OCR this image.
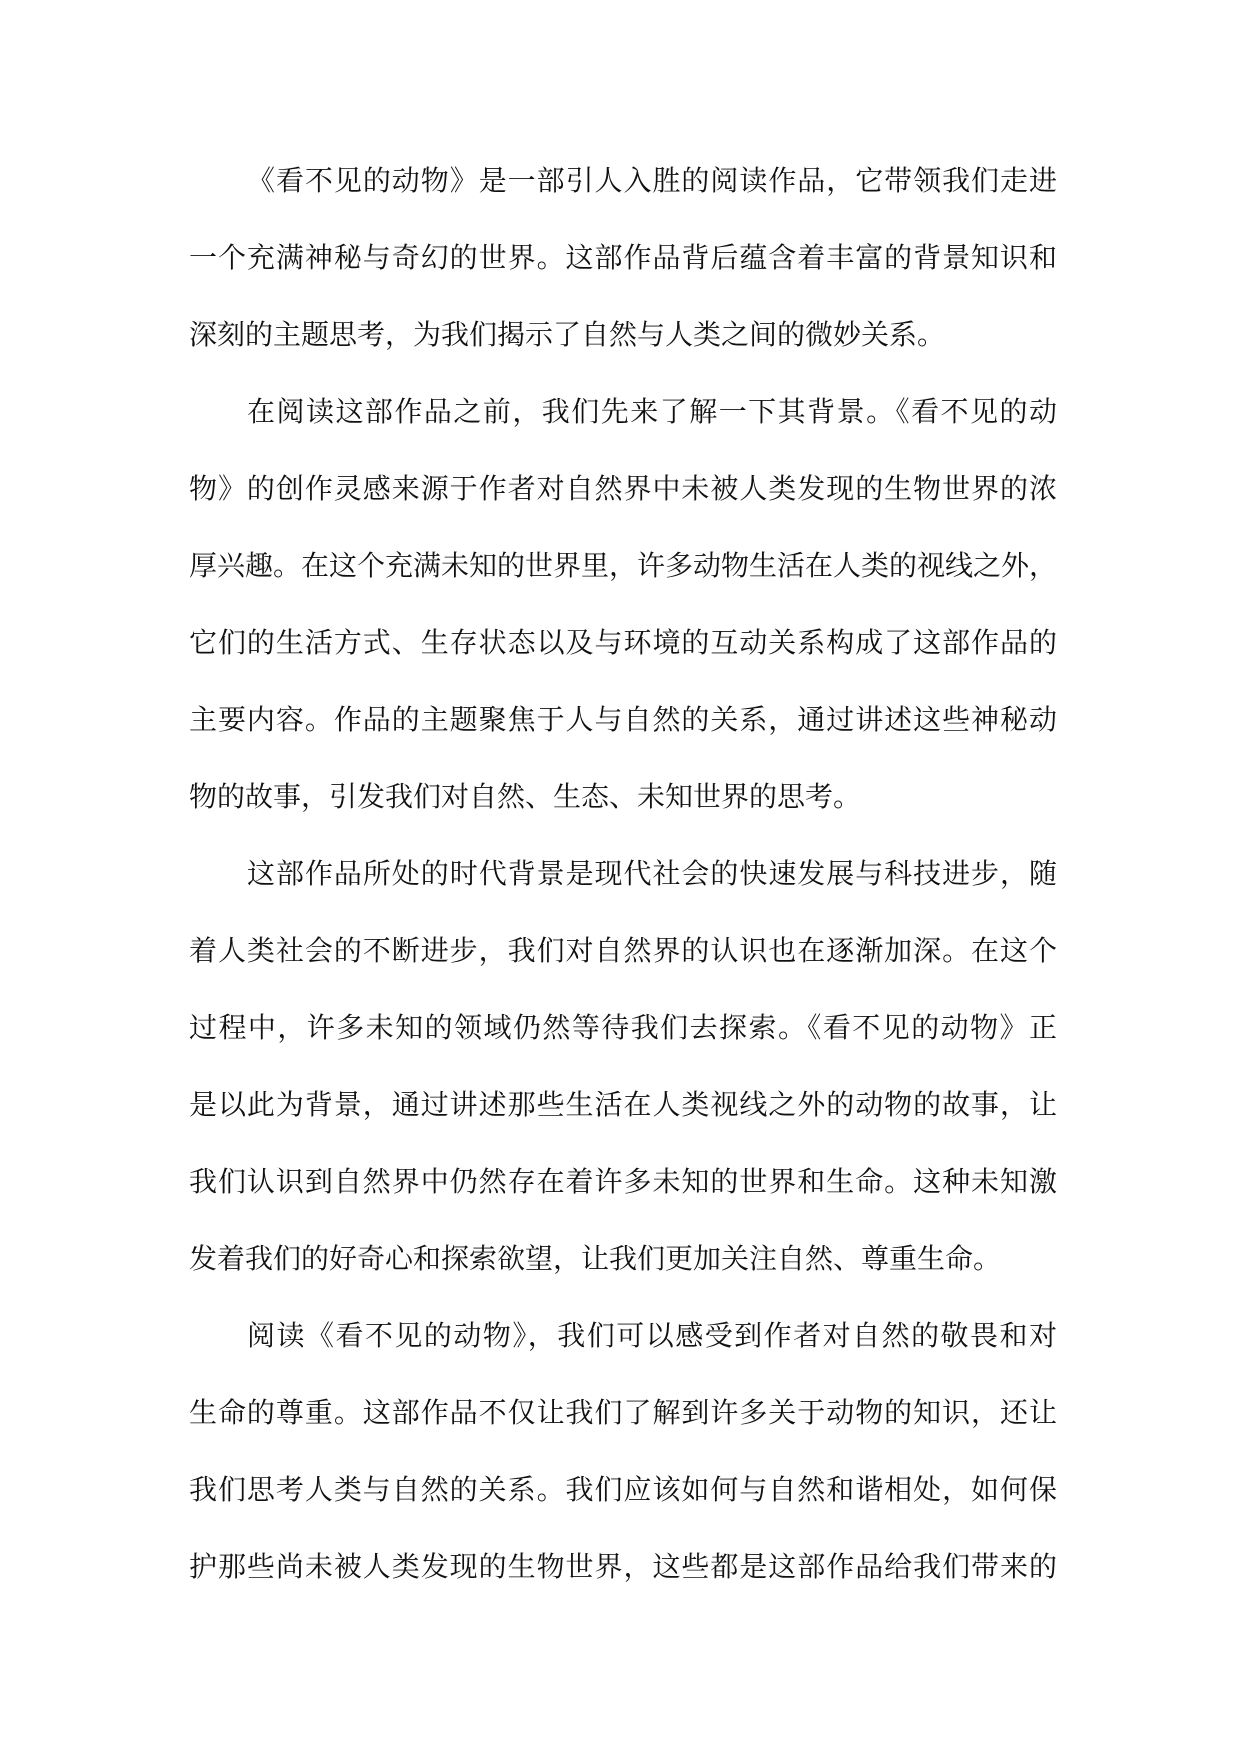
《看不见的动物》是一部引人入胜的阅读作品，它带领我们走进
一个充满神秘与奇幻的世界。这部作品背后蕴含着丰富的背景知识和
深刻的主题思考，为我们揭示了自然与人类之间的微妙关系。
在阅读这部作品之前，我们先来了解一下其背景。《看不见的动
物》的创作灵感来源于作者对自然界中未被人类发现的生物世界的浓
厚兴趣。在这个充满未知的世界里，许多动物生活在人类的视线之外，
它们的生活方式、生存状态以及与环境的互动关系构成了这部作品的
主要内容。作品的主题聚焦于人与自然的关系，通过讲述这些神秘动
物的故事，引发我们对自然、生态、未知世界的思考。
这部作品所处的时代背景是现代社会的快速发展与科技进步，随
着人类社会的不断进步，我们对自然界的认识也在逐渐加深。在这个
过程中，许多未知的领域仍然等待我们去探索。《看不见的动物》正
是以此为背景，通过讲述那些生活在人类视线之外的动物的故事，让
我们认识到自然界中仍然存在着许多未知的世界和生命。这种未知激
发着我们的好奇心和探索欲望，让我们更加关注自然、尊重生命。
阅读《看不见的动物》，我们可以感受到作者对自然的敬畏和对
生命的尊重。这部作品不仅让我们了解到许多关于动物的知识，还让
我们思考人类与自然的关系。我们应该如何与自然和谐相处，如何保
护那些尚未被人类发现的生物世界，这些都是这部作品给我们带来的
